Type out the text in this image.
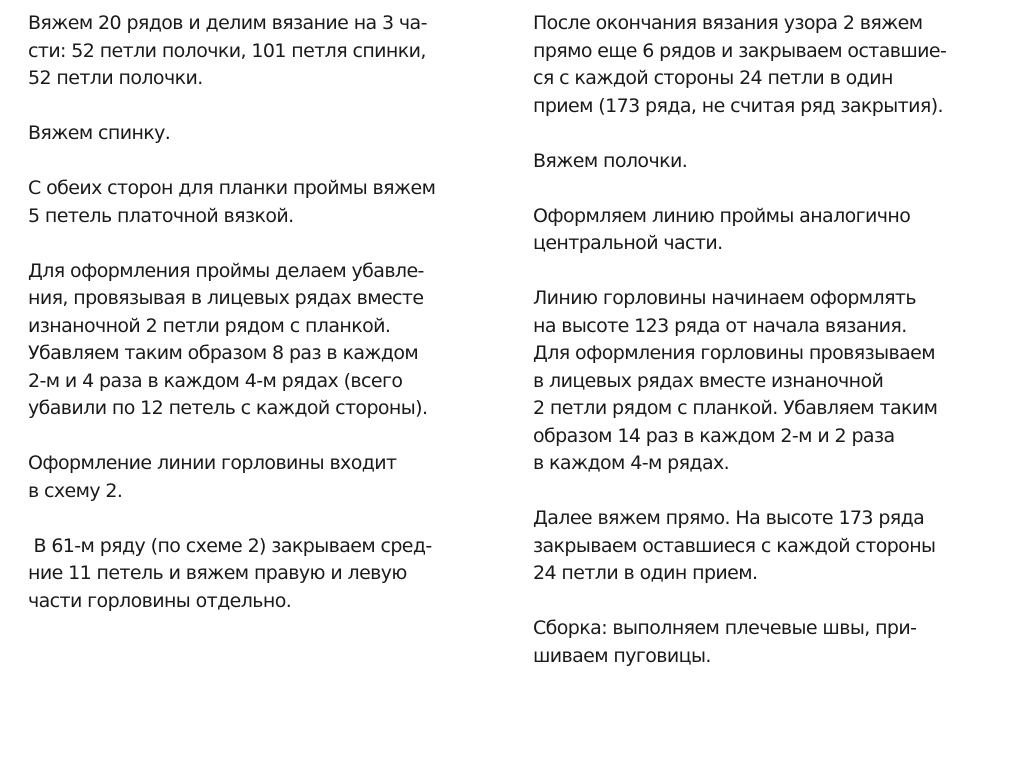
Вяжем 20 рядов и делим вязание на 3 ча-
сти: 52 петли полочки, 101 петля спинки,
52 петли полочки.

Вяжем спинку.

С обеих сторон для планки проймы вяжем
5 петель платочной вязкой.

Для оформления проймы делаем убавле-
ния, провязывая в лицевых рядах вместе
изнаночной 2 петли рядом с планкой.
Убавляем таким образом 8 раз в каждом
2-м и 4 раза в каждом 4-м рядах (всего
убавили по 12 петель с каждой стороны).

Оформление линии горловины входит
в схему 2.

В 61-м ряду (по схеме 2) закрываем сред-
ние 11 петель и вяжем правую и левую
части горловины отдельно.

После окончания вязания узора 2 вяжем
прямо еще 6 рядов и закрываем оставшие-
ся с каждой стороны 24 петли в один
прием (173 ряда, не считая ряд закрытия).

Вяжем полочки.

Оформляем линию проймы аналогично
центральной части.

Линию горловины начинаем оформлять
на высоте 123 ряда от начала вязания.
Для оформления горловины провязываем
в лицевых рядах вместе изнаночной
2 петли рядом с планкой. Убавляем таким
образом 14 раз в каждом 2-м и 2 раза
в каждом 4-м рядах.

Далее вяжем прямо. На высоте 173 ряда
закрываем оставшиеся с каждой стороны
24 петли в один прием.

Сборка: выполняем плечевые швы, при-
шиваем пуговицы.
